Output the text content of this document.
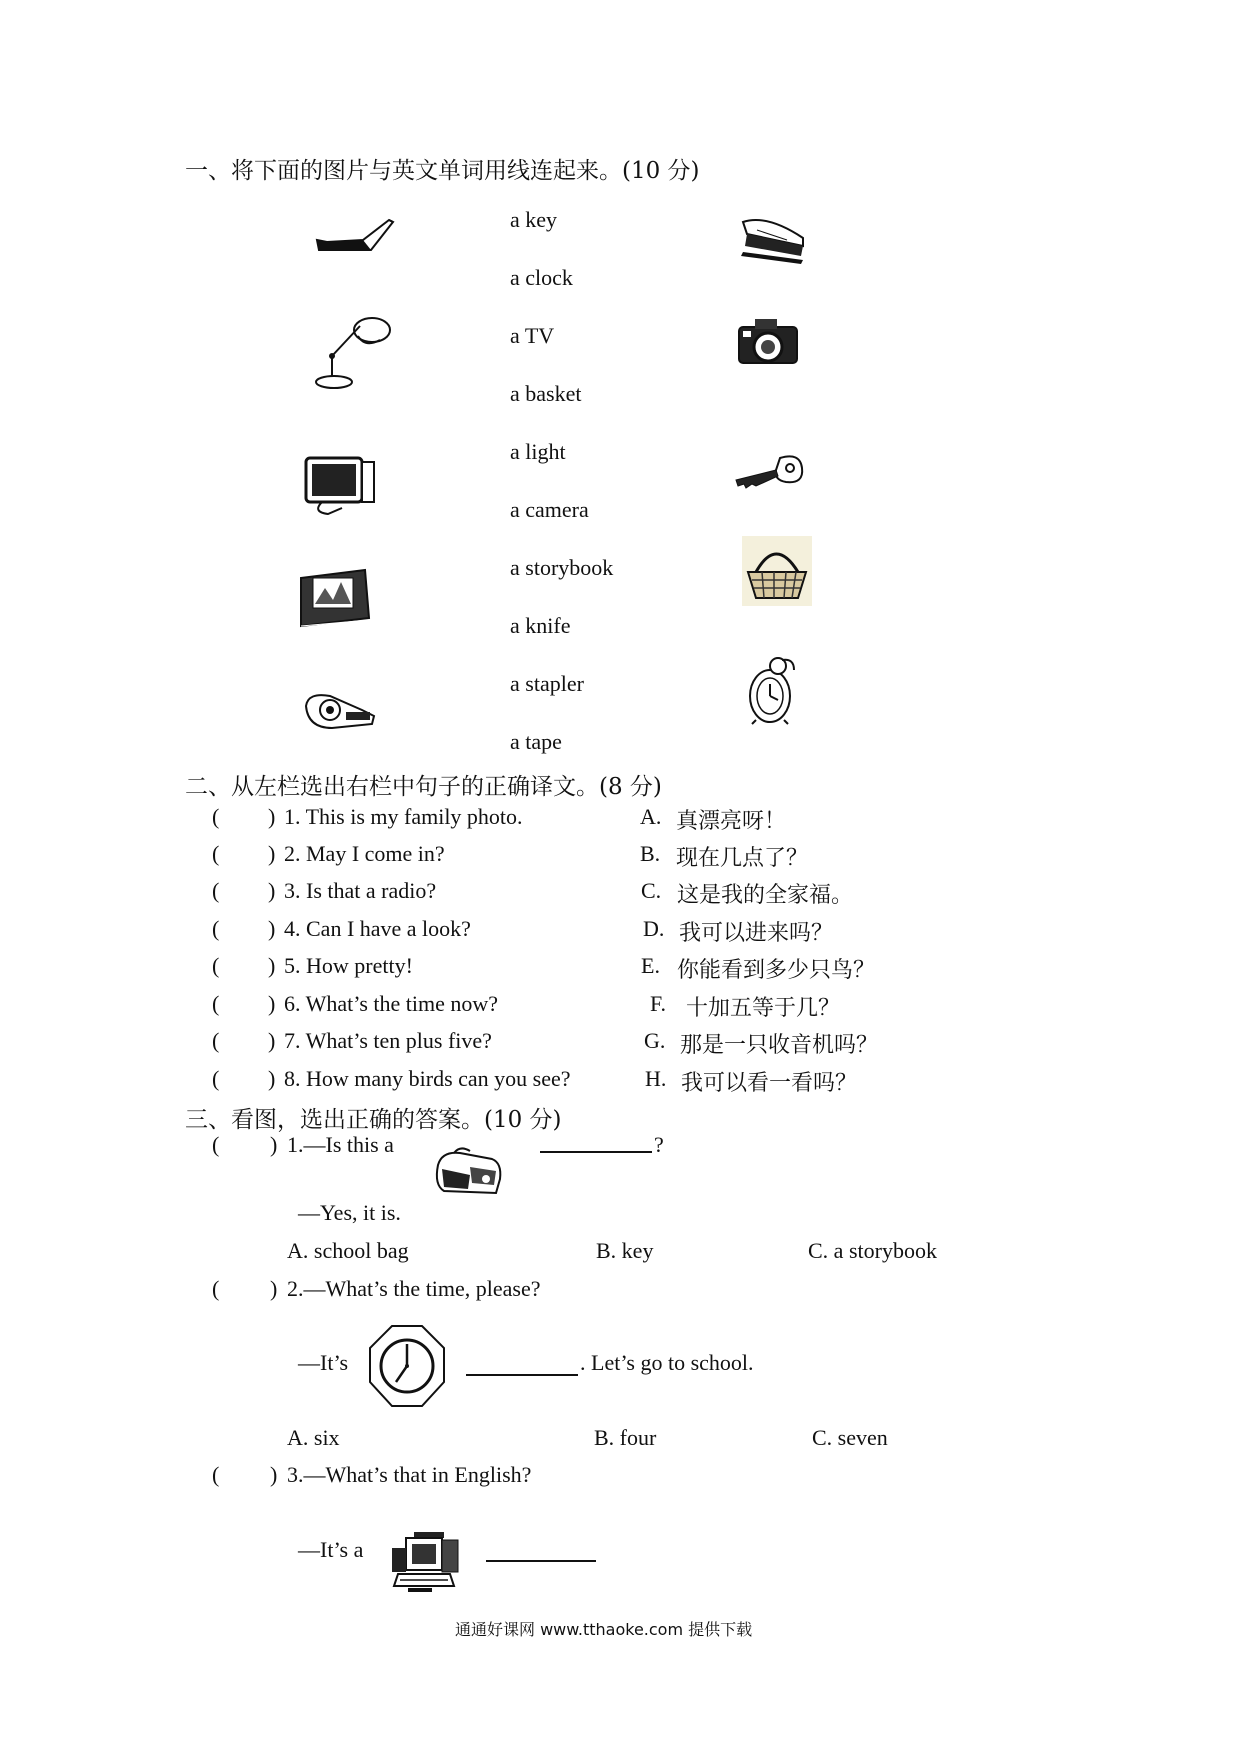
一、将下面的图片与英文单词用线连起来。(10 分)
a key
a clock
a TV
a basket
a light
a camera
a storybook
a knife
a stapler
a tape
二、从左栏选出右栏中句子的正确译文。(8 分)
( ) 1. This is my family photo.	A. 真漂亮呀！
( ) 2. May I come in?	B. 现在几点了？
( ) 3. Is that a radio?	C. 这是我的全家福。
( ) 4. Can I have a look?	D. 我可以进来吗？
( ) 5. How pretty!	E. 你能看到多少只鸟？
( ) 6. What’s the time now?	F. 十加五等于几？
( ) 7. What’s ten plus five?	G. 那是一只收音机吗？
( ) 8. How many birds can you see?	H. 我可以看一看吗？
三、看图，选出正确的答案。(10 分)
( ) 1.—Is this a	?
—Yes, it is.
A. school bag	B. key	C. a storybook
( ) 2.—What’s the time, please?
—It’s	. Let’s go to school.
A. six	B. four	C. seven
( ) 3.—What’s that in English?
—It’s a
通通好课网 www.tthaoke.com 提供下载
